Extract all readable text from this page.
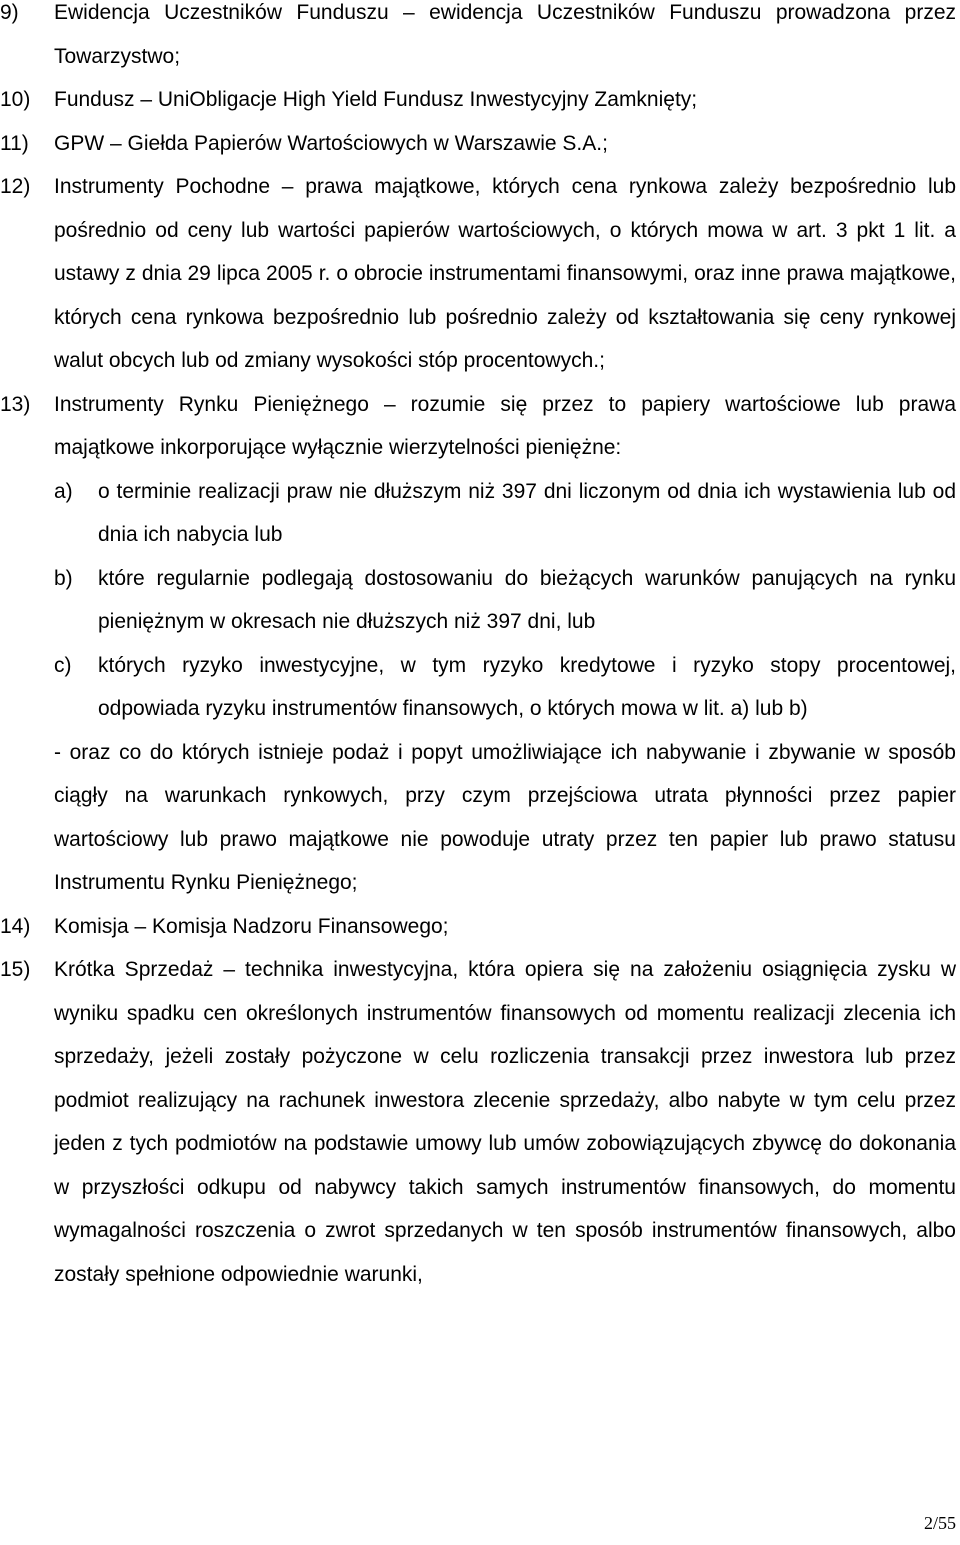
9) Ewidencja Uczestników Funduszu – ewidencja Uczestników Funduszu prowadzona przez Towarzystwo;
10) Fundusz – UniObligacje High Yield Fundusz Inwestycyjny Zamknięty;
11) GPW – Giełda Papierów Wartościowych w Warszawie S.A.;
12) Instrumenty Pochodne – prawa majątkowe, których cena rynkowa zależy bezpośrednio lub pośrednio od ceny lub wartości papierów wartościowych, o których mowa w art. 3 pkt 1 lit. a ustawy z dnia 29 lipca 2005 r. o obrocie instrumentami finansowymi, oraz inne prawa majątkowe, których cena rynkowa bezpośrednio lub pośrednio zależy od kształtowania się ceny rynkowej walut obcych lub od zmiany wysokości stóp procentowych.;
13) Instrumenty Rynku Pieniężnego – rozumie się przez to papiery wartościowe lub prawa majątkowe inkorporujące wyłącznie wierzytelności pieniężne:
a) o terminie realizacji praw nie dłuższym niż 397 dni liczonym od dnia ich wystawienia lub od dnia ich nabycia lub
b) które regularnie podlegają dostosowaniu do bieżących warunków panujących na rynku pieniężnym w okresach nie dłuższych niż 397 dni, lub
c) których ryzyko inwestycyjne, w tym ryzyko kredytowe i ryzyko stopy procentowej, odpowiada ryzyku instrumentów finansowych, o których mowa w lit. a) lub b)
- oraz co do których istnieje podaż i popyt umożliwiające ich nabywanie i zbywanie w sposób ciągły na warunkach rynkowych, przy czym przejściowa utrata płynności przez papier wartościowy lub prawo majątkowe nie powoduje utraty przez ten papier lub prawo statusu Instrumentu Rynku Pieniężnego;
14) Komisja – Komisja Nadzoru Finansowego;
15) Krótka Sprzedaż – technika inwestycyjna, która opiera się na założeniu osiągnięcia zysku w wyniku spadku cen określonych instrumentów finansowych od momentu realizacji zlecenia ich sprzedaży, jeżeli zostały pożyczone w celu rozliczenia transakcji przez inwestora lub przez podmiot realizujący na rachunek inwestora zlecenie sprzedaży, albo nabyte w tym celu przez jeden z tych podmiotów na podstawie umowy lub umów zobowiązujących zbywcę do dokonania w przyszłości odkupu od nabywcy takich samych instrumentów finansowych, do momentu wymagalności roszczenia o zwrot sprzedanych w ten sposób instrumentów finansowych, albo zostały spełnione odpowiednie warunki,
2/55
